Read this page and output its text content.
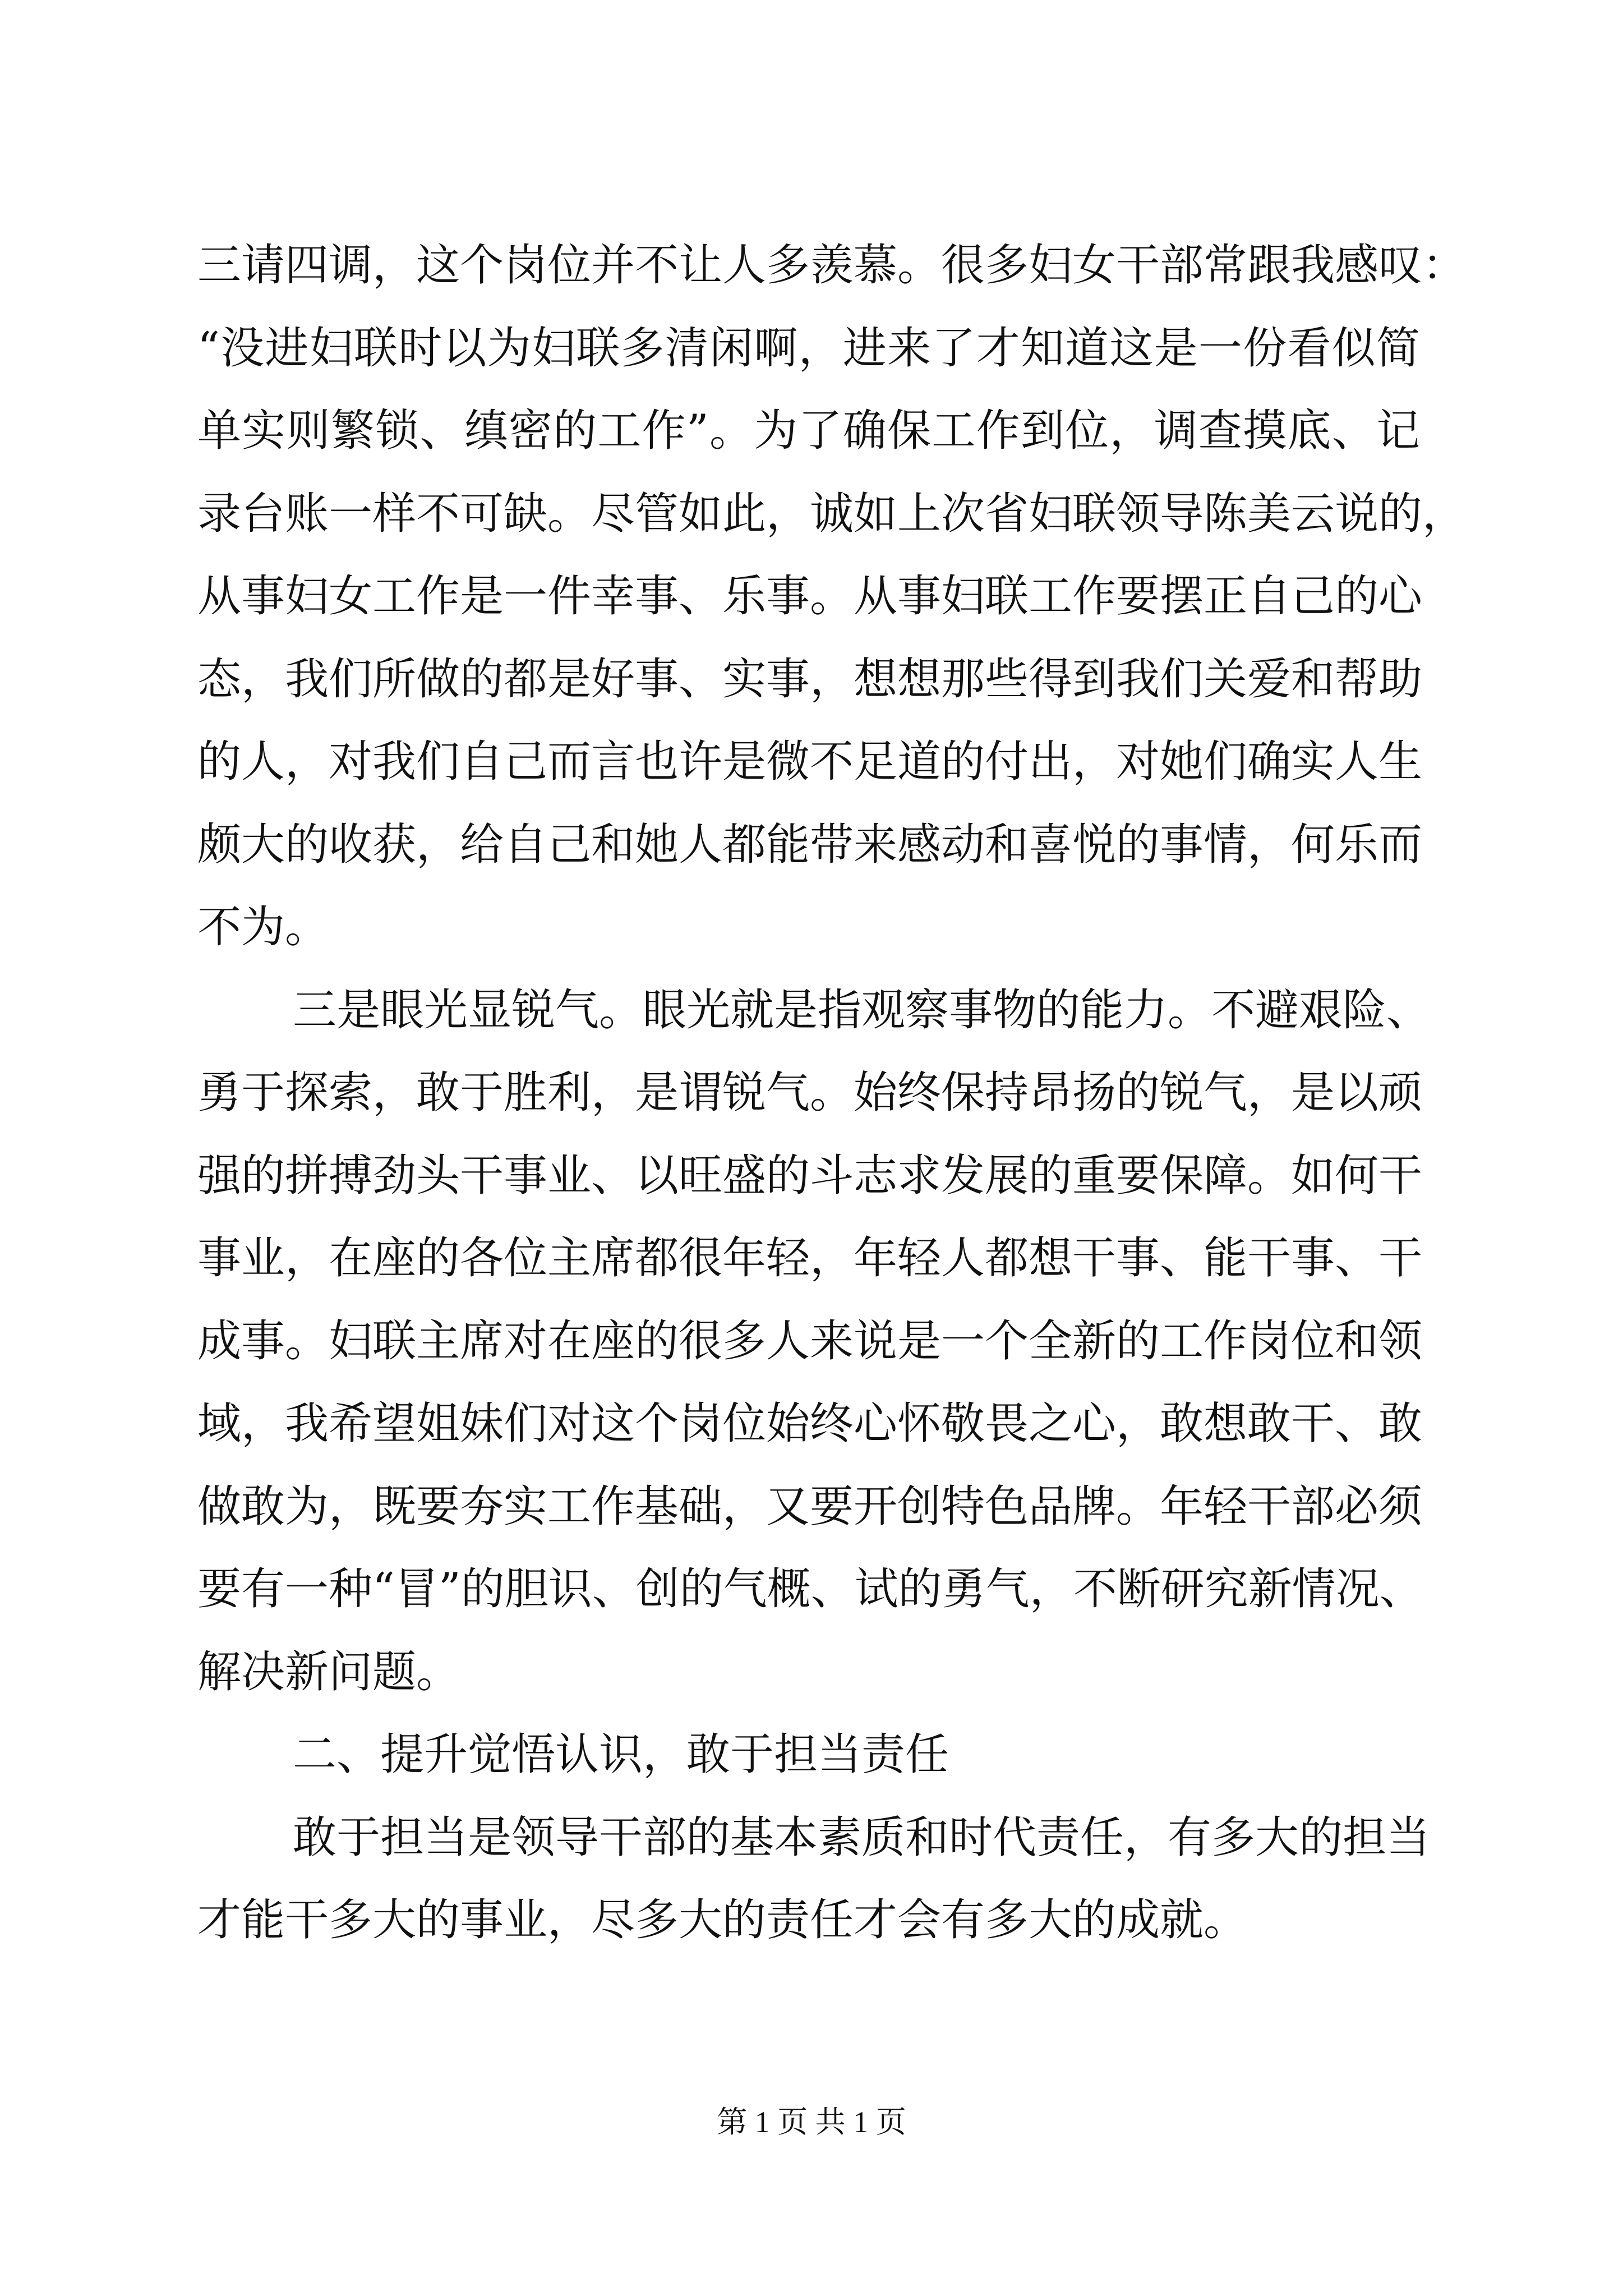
三请四调，这个岗位并不让人多羡慕。很多妇女干部常跟我感叹：
“没进妇联时以为妇联多清闲啊，进来了才知道这是一份看似简
单实则繁锁、缜密的工作”。为了确保工作到位，调查摸底、记
录台账一样不可缺。尽管如此，诚如上次省妇联领导陈美云说的，
从事妇女工作是一件幸事、乐事。从事妇联工作要摆正自己的心
态，我们所做的都是好事、实事，想想那些得到我们关爱和帮助
的人，对我们自己而言也许是微不足道的付出，对她们确实人生
颇大的收获，给自己和她人都能带来感动和喜悦的事情，何乐而
不为。
三是眼光显锐气。眼光就是指观察事物的能力。不避艰险、
勇于探索，敢于胜利，是谓锐气。始终保持昂扬的锐气，是以顽
强的拼搏劲头干事业、以旺盛的斗志求发展的重要保障。如何干
事业，在座的各位主席都很年轻，年轻人都想干事、能干事、干
成事。妇联主席对在座的很多人来说是一个全新的工作岗位和领
域，我希望姐妹们对这个岗位始终心怀敬畏之心，敢想敢干、敢
做敢为，既要夯实工作基础，又要开创特色品牌。年轻干部必须
要有一种“冒”的胆识、创的气概、试的勇气，不断研究新情况、
解决新问题。
二、提升觉悟认识，敢于担当责任
敢于担当是领导干部的基本素质和时代责任，有多大的担当
才能干多大的事业，尽多大的责任才会有多大的成就。
第 1 页 共 1 页
